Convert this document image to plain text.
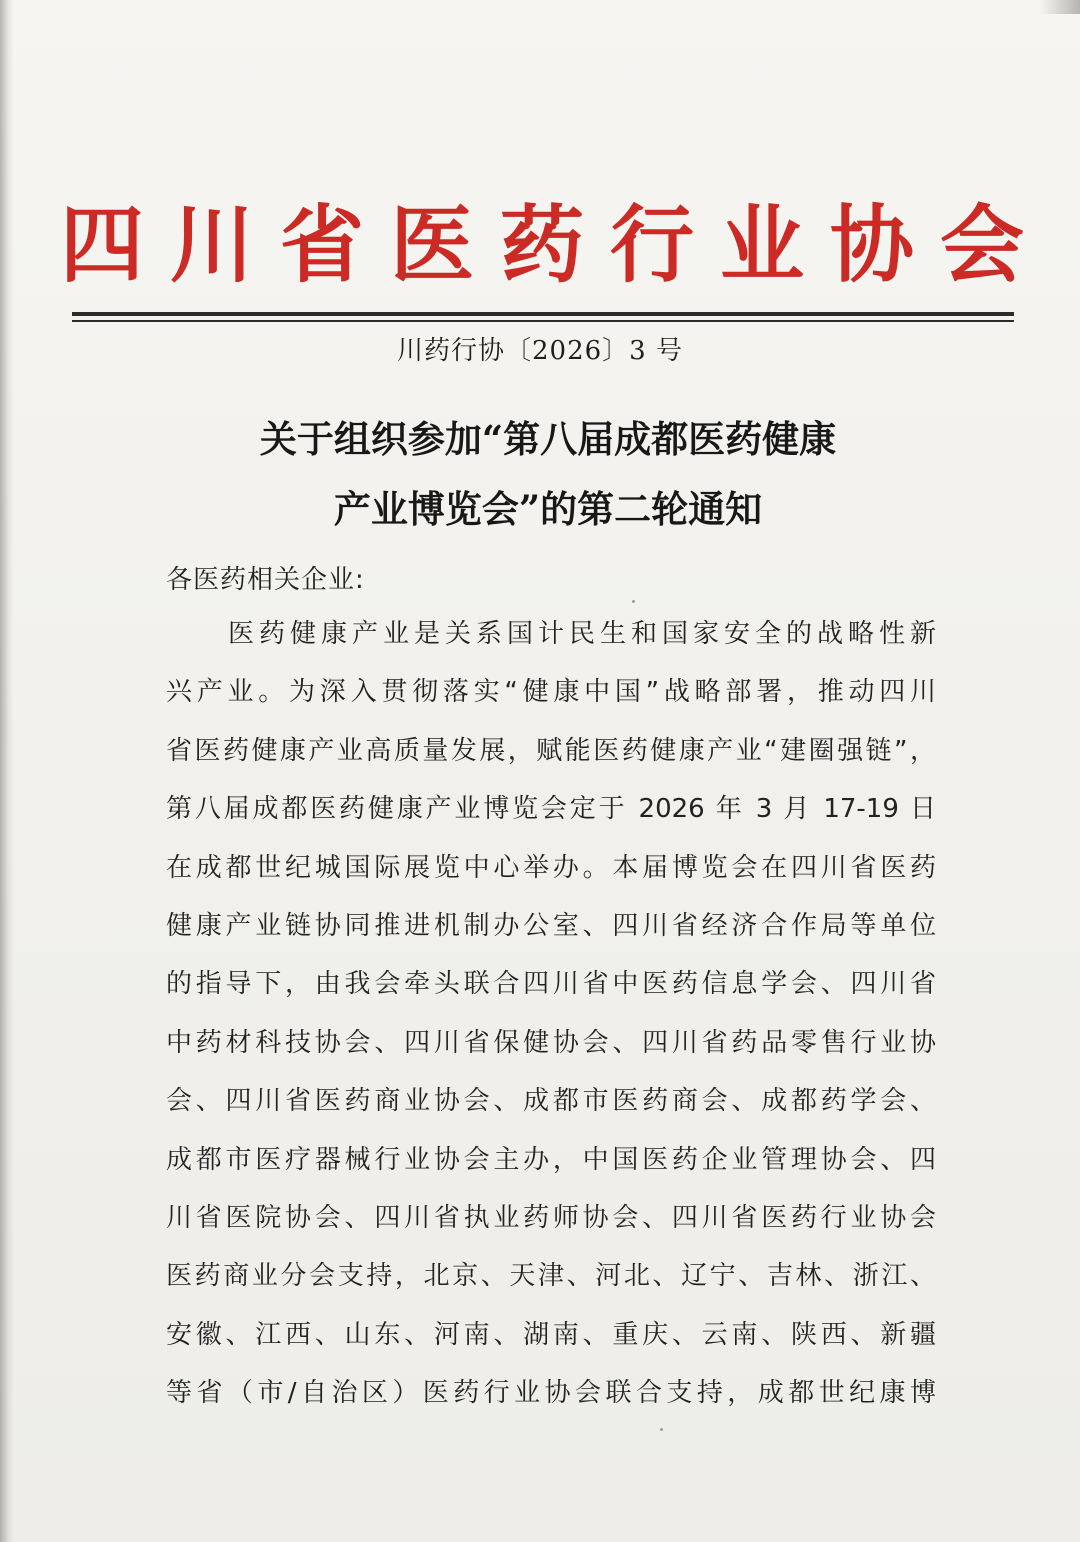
四川省医药行业协会
川药行协〔2026〕3 号
关于组织参加“第八届成都医药健康
产业博览会”的第二轮通知
各医药相关企业:
医药健康产业是关系国计民生和国家安全的战略性新
兴产业。为深入贯彻落实“健康中国”战略部署，推动四川
省医药健康产业高质量发展，赋能医药健康产业“建圈强链”，
第八届成都医药健康产业博览会定于 2026 年 3 月 17-19 日
在成都世纪城国际展览中心举办。本届博览会在四川省医药
健康产业链协同推进机制办公室、四川省经济合作局等单位
的指导下，由我会牵头联合四川省中医药信息学会、四川省
中药材科技协会、四川省保健协会、四川省药品零售行业协
会、四川省医药商业协会、成都市医药商会、成都药学会、
成都市医疗器械行业协会主办，中国医药企业管理协会、四
川省医院协会、四川省执业药师协会、四川省医药行业协会
医药商业分会支持，北京、天津、河北、辽宁、吉林、浙江、
安徽、江西、山东、河南、湖南、重庆、云南、陕西、新疆
等省（市/自治区）医药行业协会联合支持，成都世纪康博
